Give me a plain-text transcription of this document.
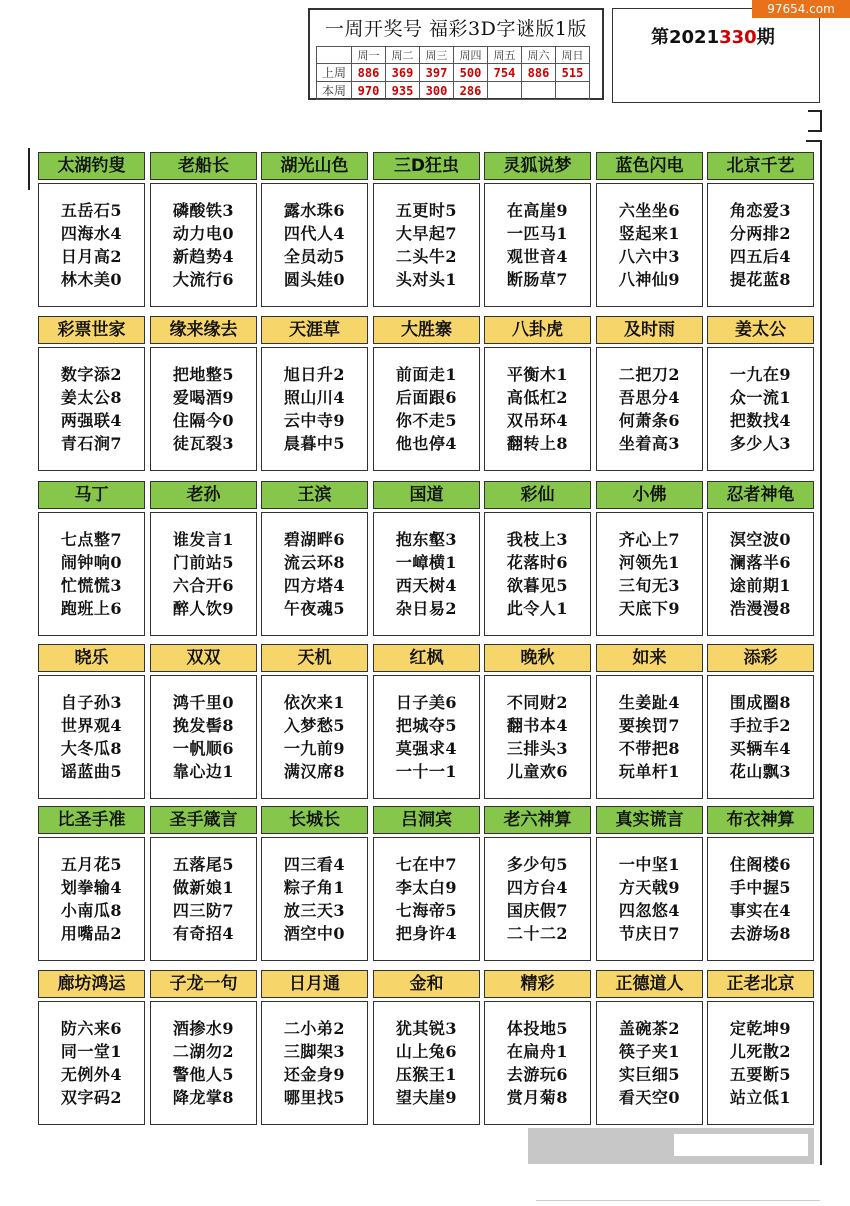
一周开奖号 福彩3D字谜版1版
	周一	周二	周三	周四	周五	周六	周日
上周	886	369	397	500	754	886	515
本周	970	935	300	286			
第2021330期
97654.com
太湖钓叟
五岳石5
四海水4
日月高2
林木美0
老船长
磷酸铁3
动力电0
新趋势4
大流行6
湖光山色
露水珠6
四代人4
全员动5
圆头娃0
三D狂虫
五更时5
大早起7
二头牛2
头对头1
灵狐说梦
在高崖9
一匹马1
观世音4
断肠草7
蓝色闪电
六坐坐6
竖起来1
八六中3
八神仙9
北京千艺
角恋爱3
分两排2
四五后4
提花蓝8
彩票世家
数字添2
姜太公8
两强联4
青石涧7
缘来缘去
把地整5
爱喝酒9
住隔今0
徒瓦裂3
天涯草
旭日升2
照山川4
云中寺9
晨暮中5
大胜寨
前面走1
后面跟6
你不走5
他也停4
八卦虎
平衡木1
高低杠2
双吊环4
翻转上8
及时雨
二把刀2
吾思分4
何萧条6
坐着高3
姜太公
一九在9
众一流1
把数找4
多少人3
马丁
七点整7
闹钟响0
忙慌慌3
跑班上6
老孙
谁发言1
门前站5
六合开6
醉人饮9
王滨
碧湖畔6
流云环8
四方塔4
午夜魂5
国道
抱东壑3
一嶂横1
西天树4
杂日易2
彩仙
我枝上3
花落时6
欲暮见5
此令人1
小佛
齐心上7
河领先1
三旬无3
天底下9
忍者神龟
溟空波0
澜落半6
途前期1
浩漫漫8
晓乐
自子孙3
世界观4
大冬瓜8
谣蓝曲5
双双
鸿千里0
挽发髻8
一帆顺6
靠心边1
天机
依次来1
入梦愁5
一九前9
满汉席8
红枫
日子美6
把城夺5
莫强求4
一十一1
晚秋
不同财2
翻书本4
三排头3
儿童欢6
如来
生姜趾4
要挨罚7
不带把8
玩单杆1
添彩
围成圈8
手拉手2
买辆车4
花山飘3
比圣手准
五月花5
划拳输4
小南瓜8
用嘴品2
圣手箴言
五落尾5
做新娘1
四三防7
有奇招4
长城长
四三看4
粽子角1
放三天3
酒空中0
吕洞宾
七在中7
李太白9
七海帝5
把身许4
老六神算
多少句5
四方台4
国庆假7
二十二2
真实谎言
一中坚1
方天戟9
四忽悠4
节庆日7
布衣神算
住阁楼6
手中握5
事实在4
去游场8
廊坊鸿运
防六来6
同一堂1
无例外4
双字码2
子龙一句
酒掺水9
二湖勿2
警他人5
降龙掌8
日月通
二小弟2
三脚架3
还金身9
哪里找5
金和
犹其锐3
山上兔6
压猴王1
望夫崖9
精彩
体投地5
在扁舟1
去游玩6
赏月菊8
正德道人
盖碗茶2
筷子夹1
实巨细5
看天空0
正老北京
定乾坤9
儿死散2
五要断5
站立低1
